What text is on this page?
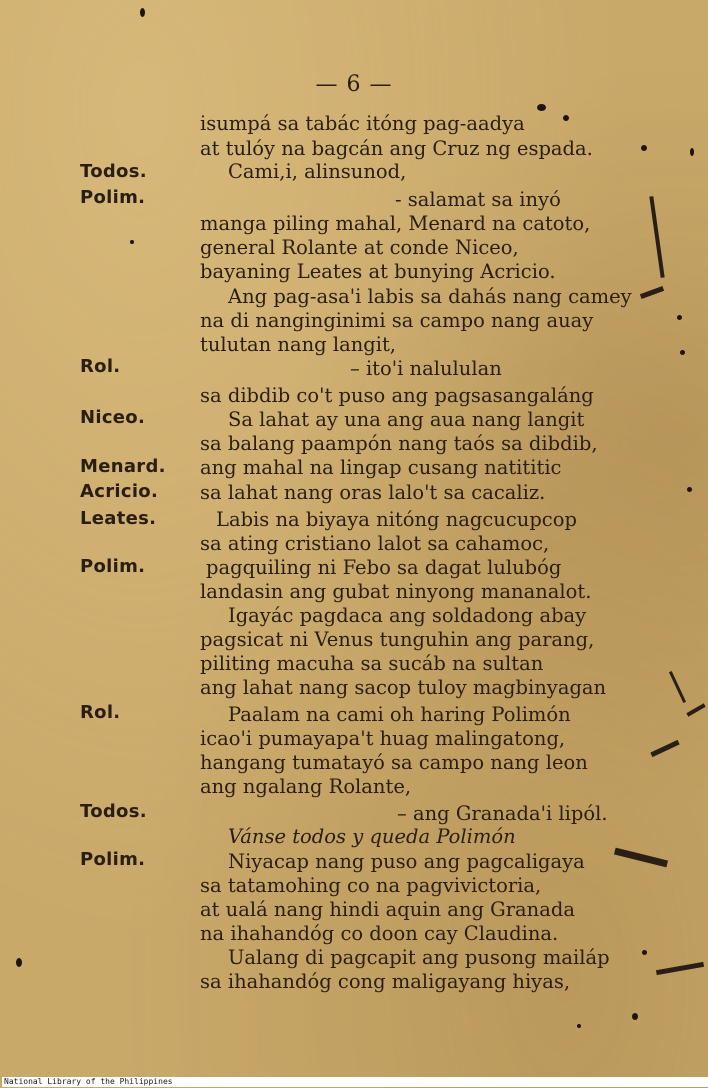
— 6 —
isumpá sa tabác itóng pag-aadya
at tulóy na bagcán ang Cruz ng espada.
Cami,i, alinsunod,
- salamat sa inyó
manga piling mahal, Menard na catoto,
general Rolante at conde Niceo,
bayaning Leates at bunying Acricio.
Ang pag-asa'i labis sa dahás nang camey
na di nanginginimi sa campo nang auay
tulutan nang langit,
– ito'i nalululan
sa dibdib co't puso ang pagsasangaláng
Sa lahat ay una ang aua nang langit
sa balang paampón nang taós sa dibdib,
ang mahal na lingap cusang natititic
sa lahat nang oras lalo't sa cacaliz.
Labis na biyaya nitóng nagcucupcop
sa ating cristiano lalot sa cahamoc,
pagquiling ni Febo sa dagat lulubóg
landasin ang gubat ninyong mananalot.
Igayác pagdaca ang soldadong abay
pagsicat ni Venus tunguhin ang parang,
piliting macuha sa sucáb na sultan
ang lahat nang sacop tuloy magbinyagan
Paalam na cami oh haring Polimón
icao'i pumayapa't huag malingatong,
hangang tumatayó sa campo nang leon
ang ngalang Rolante,
– ang Granada'i lipól.
Vánse todos y queda Polimón
Niyacap nang puso ang pagcaligaya
sa tatamohing co na pagvivictoria,
at ualá nang hindi aquin ang Granada
na ihahandóg co doon cay Claudina.
Ualang di pagcapit ang pusong mailáp
sa ihahandóg cong maligayang hiyas,
Todos.
Polim.
Rol.
Niceo.
Menard.
Acricio.
Leates.
Polim.
Rol.
Todos.
Polim.
National Library of the Philippines
